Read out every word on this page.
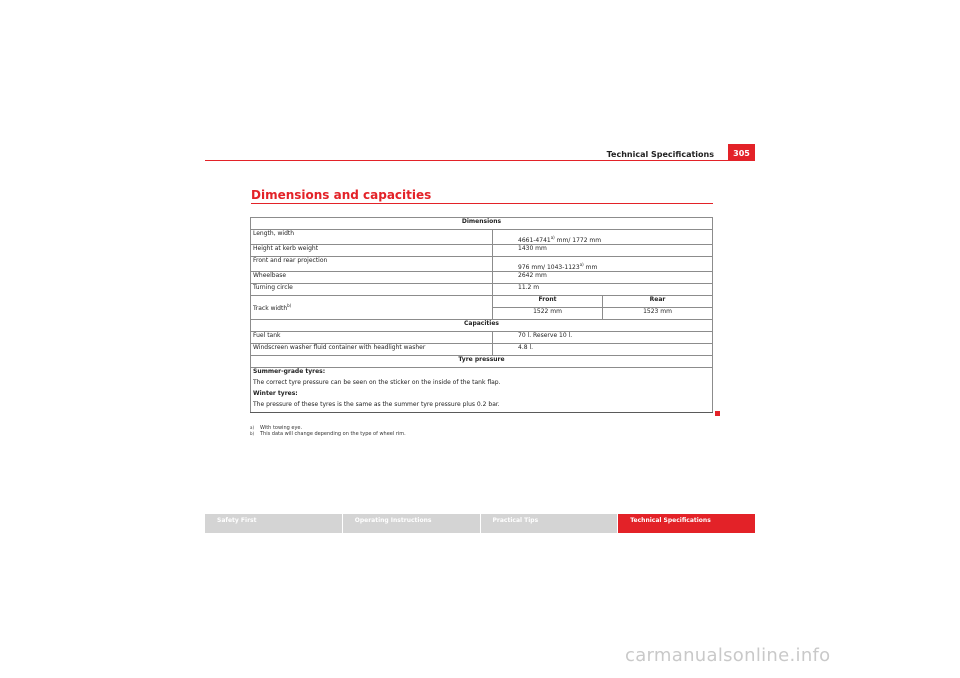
Technical Specifications	305
Dimensions and capacities
Dimensions
Length, width	4661-4741$^{a)}$ mm/ 1772 mm
Height at kerb weight	1430 mm
Front and rear projection	976 mm/ 1043-1123$^{a)}$ mm
Wheelbase	2642 mm
Turning circle	11.2 m
Track width$^{b)}$	
Front	Rear
1522 mm	1523 mm

Capacities
Fuel tank	70 l. Reserve 10 l.
Windscreen washer fluid container with headlight washer	4.8 l.
Tyre pressure
Summer-grade tyres:
The correct tyre pressure can be seen on the sticker on the inside of the tank flap.
Winter tyres:
The pressure of these tyres is the same as the summer tyre pressure plus 0.2 bar.
a) With towing eye.
b) This data will change depending on the type of wheel rim.
Safety First	Operating Instructions	Practical Tips	Technical Specifications
carmanualsonline.info
